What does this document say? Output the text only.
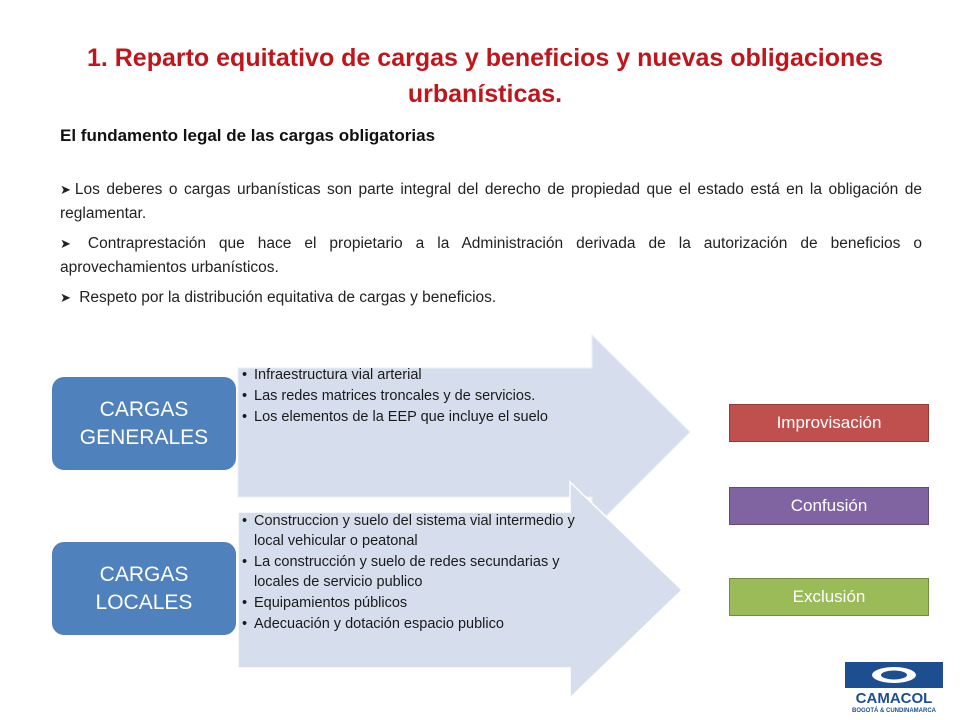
1. Reparto equitativo de cargas y beneficios y nuevas obligaciones urbanísticas.
El fundamento legal de las cargas obligatorias
➤ Los deberes o cargas urbanísticas son parte integral del derecho de propiedad que el estado está en la obligación de reglamentar.
➤ Contraprestación que hace el propietario a la Administración derivada de la autorización de beneficios o aprovechamientos urbanísticos.
➤ Respeto por la distribución equitativa de cargas y beneficios.
CARGAS GENERALES
• Infraestructura vial arterial
• Las redes matrices troncales y de servicios.
• Los elementos de la EEP que incluye el suelo
CARGAS LOCALES
• Construccion y suelo del sistema vial intermedio y local vehicular o peatonal
• La construcción y suelo de redes secundarias y locales de servicio publico
• Equipamientos públicos
• Adecuación y dotación espacio publico
Improvisación
Confusión
Exclusión
CAMACOL
BOGOTÁ & CUNDINAMARCA
